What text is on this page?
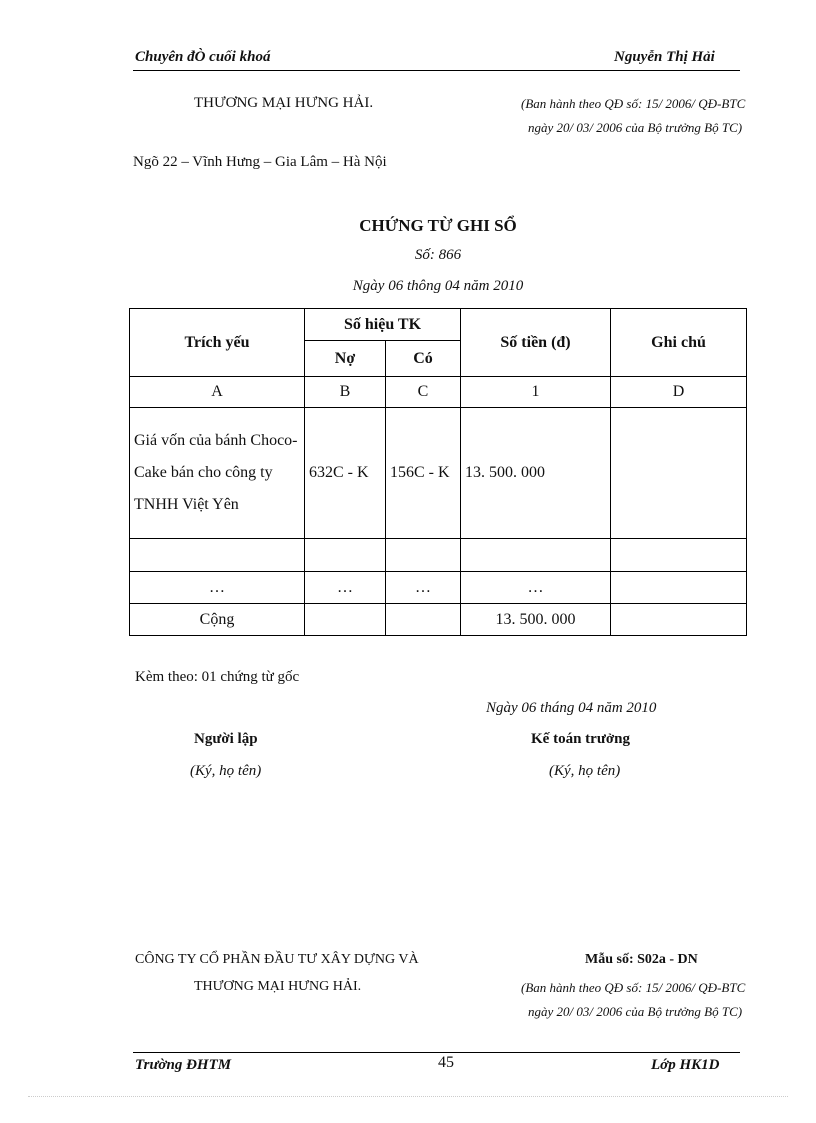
Chuyên đÒ cuối khoá	Nguyễn Thị Hải
THƯƠNG MẠI HƯNG HẢI.	(Ban hành theo QĐ số: 15/ 2006/ QĐ-BTC
ngày 20/ 03/ 2006 của Bộ trưởng Bộ TC)
Ngõ 22 – Vĩnh Hưng – Gia Lâm – Hà Nội
CHỨNG TỪ GHI SỔ
Số: 866
Ngày 06 thông 04 năm 2010
Trích yếu	Số hiệu TK		Số tiền (đ)	Ghi chú
	Nợ	Có		
A	B	C	1	D
Giá vốn của bánh Choco- Cake bán cho công ty TNHH Việt Yên	632C - K	156C - K	13. 500. 000	

…	…	…	…	
Cộng			13. 500. 000	
Kèm theo: 01 chứng từ gốc
Ngày 06 tháng 04 năm 2010
Người lập
(Ký, họ tên)
Kế toán trưởng
(Ký, họ tên)
CÔNG TY CỔ PHẦN ĐẦU TƯ XÂY DỰNG VÀ
THƯƠNG MẠI HƯNG HẢI.
Mẫu số: S02a - DN
(Ban hành theo QĐ số: 15/ 2006/ QĐ-BTC
ngày 20/ 03/ 2006 của Bộ trưởng Bộ TC)
Trường ĐHTM	45	Lớp HK1D
